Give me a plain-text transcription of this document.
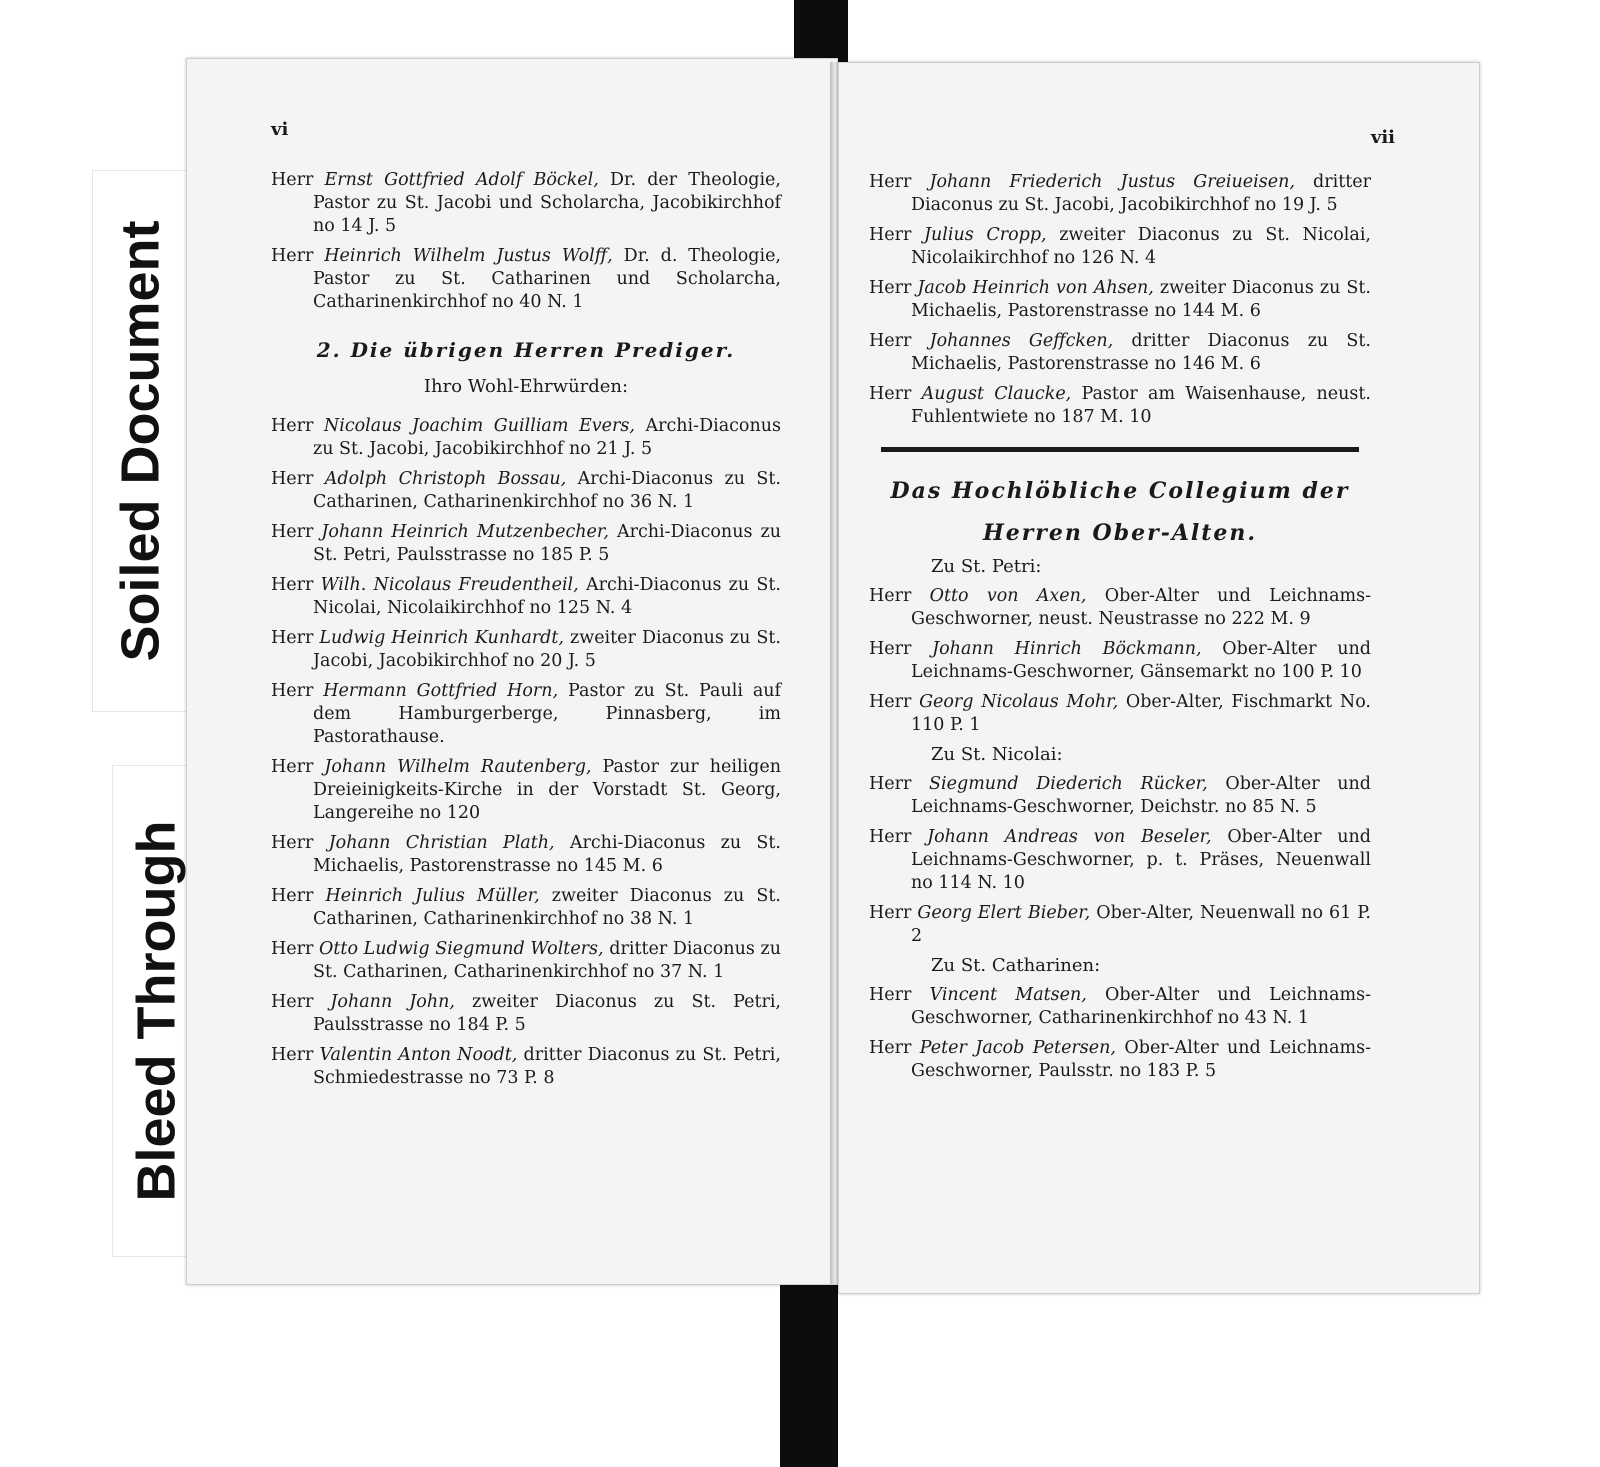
Soiled Document
Bleed Through
vi
Herr Ernst Gottfried Adolf Böckel, Dr. der Theologie, Pastor zu St. Jacobi und Scholarcha, Jacobikirchhof no 14 J. 5
Herr Heinrich Wilhelm Justus Wolff, Dr. d. Theologie, Pastor zu St. Catharinen und Scholarcha, Catharinenkirchhof no 40 N. 1
2. Die übrigen Herren Prediger.
Ihro Wohl-Ehrwürden:
Herr Nicolaus Joachim Guilliam Evers, Archi-Diaconus zu St. Jacobi, Jacobikirchhof no 21 J. 5
Herr Adolph Christoph Bossau, Archi-Diaconus zu St. Catharinen, Catharinenkirchhof no 36 N. 1
Herr Johann Heinrich Mutzenbecher, Archi-Diaconus zu St. Petri, Paulsstrasse no 185 P. 5
Herr Wilh. Nicolaus Freudentheil, Archi-Diaconus zu St. Nicolai, Nicolaikirchhof no 125 N. 4
Herr Ludwig Heinrich Kunhardt, zweiter Diaconus zu St. Jacobi, Jacobikirchhof no 20 J. 5
Herr Hermann Gottfried Horn, Pastor zu St. Pauli auf dem Hamburgerberge, Pinnasberg, im Pastorathause.
Herr Johann Wilhelm Rautenberg, Pastor zur heiligen Dreieinigkeits-Kirche in der Vorstadt St. Georg, Langereihe no 120
Herr Johann Christian Plath, Archi-Diaconus zu St. Michaelis, Pastorenstrasse no 145 M. 6
Herr Heinrich Julius Müller, zweiter Diaconus zu St. Catharinen, Catharinenkirchhof no 38 N. 1
Herr Otto Ludwig Siegmund Wolters, dritter Diaconus zu St. Catharinen, Catharinenkirchhof no 37 N. 1
Herr Johann John, zweiter Diaconus zu St. Petri, Paulsstrasse no 184 P. 5
Herr Valentin Anton Noodt, dritter Diaconus zu St. Petri, Schmiedestrasse no 73 P. 8
vii
Herr Johann Friederich Justus Greiueisen, dritter Diaconus zu St. Jacobi, Jacobikirchhof no 19 J. 5
Herr Julius Cropp, zweiter Diaconus zu St. Nicolai, Nicolaikirchhof no 126 N. 4
Herr Jacob Heinrich von Ahsen, zweiter Diaconus zu St. Michaelis, Pastorenstrasse no 144 M. 6
Herr Johannes Geffcken, dritter Diaconus zu St. Michaelis, Pastorenstrasse no 146 M. 6
Herr August Claucke, Pastor am Waisenhause, neust. Fuhlentwiete no 187 M. 10
Das Hochlöbliche Collegium der
Herren Ober-Alten.
Zu St. Petri:
Herr Otto von Axen, Ober-Alter und Leichnams-Geschworner, neust. Neustrasse no 222 M. 9
Herr Johann Hinrich Böckmann, Ober-Alter und Leichnams-Geschworner, Gänsemarkt no 100 P. 10
Herr Georg Nicolaus Mohr, Ober-Alter, Fischmarkt No. 110 P. 1
Zu St. Nicolai:
Herr Siegmund Diederich Rücker, Ober-Alter und Leichnams-Geschworner, Deichstr. no 85 N. 5
Herr Johann Andreas von Beseler, Ober-Alter und Leichnams-Geschworner, p. t. Präses, Neuenwall no 114 N. 10
Herr Georg Elert Bieber, Ober-Alter, Neuenwall no 61 P. 2
Zu St. Catharinen:
Herr Vincent Matsen, Ober-Alter und Leichnams-Geschworner, Catharinenkirchhof no 43 N. 1
Herr Peter Jacob Petersen, Ober-Alter und Leichnams-Geschworner, Paulsstr. no 183 P. 5
